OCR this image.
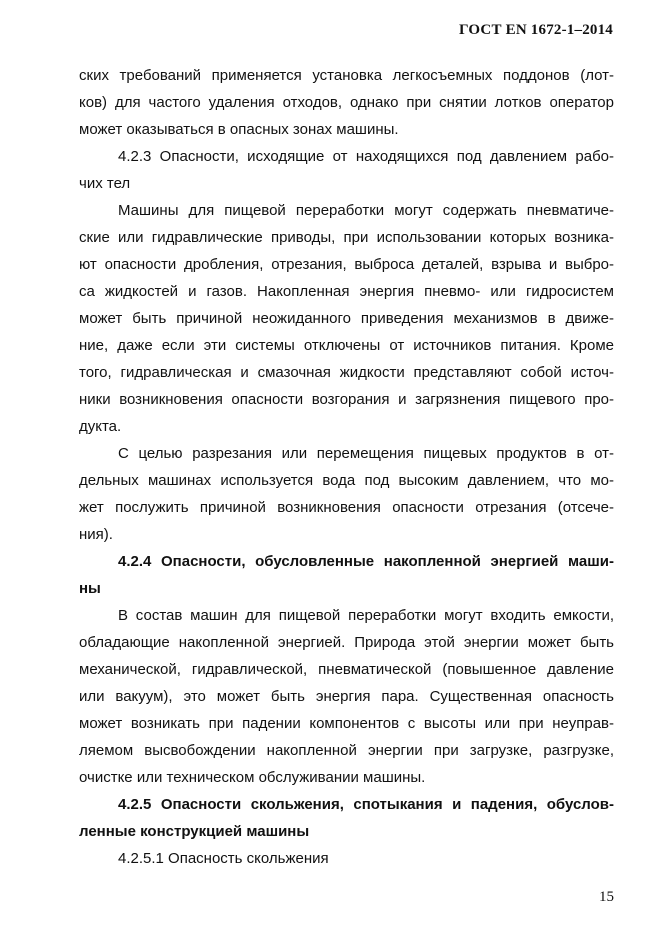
ГОСТ EN 1672-1–2014
ских требований применяется установка легкосъемных поддонов (лот-
ков) для частого удаления отходов, однако при снятии лотков оператор
может оказываться в опасных зонах машины.
4.2.3 Опасности, исходящие от находящихся под давлением рабо-
чих тел
Машины для пищевой переработки могут содержать пневматиче-
ские или гидравлические приводы, при использовании которых возника-
ют опасности дробления, отрезания, выброса деталей, взрыва и выбро-
са жидкостей и газов. Накопленная энергия пневмо- или гидросистем
может быть причиной неожиданного приведения механизмов в движе-
ние, даже если эти системы отключены от источников питания. Кроме
того, гидравлическая и смазочная жидкости представляют собой источ-
ники возникновения опасности возгорания и загрязнения пищевого про-
дукта.
С целью разрезания или перемещения пищевых продуктов в от-
дельных машинах используется вода под высоким давлением, что мо-
жет послужить причиной возникновения опасности отрезания (отсече-
ния).
4.2.4 Опасности, обусловленные накопленной энергией маши-
ны
В состав машин для пищевой переработки могут входить емкости,
обладающие накопленной энергией. Природа этой энергии может быть
механической, гидравлической, пневматической (повышенное давление
или вакуум), это может быть энергия пара. Существенная опасность
может возникать при падении компонентов с высоты или при неуправ-
ляемом высвобождении накопленной энергии при загрузке, разгрузке,
очистке или техническом обслуживании машины.
4.2.5 Опасности скольжения, спотыкания и падения, обуслов-
ленные конструкцией машины
4.2.5.1 Опасность скольжения
15
